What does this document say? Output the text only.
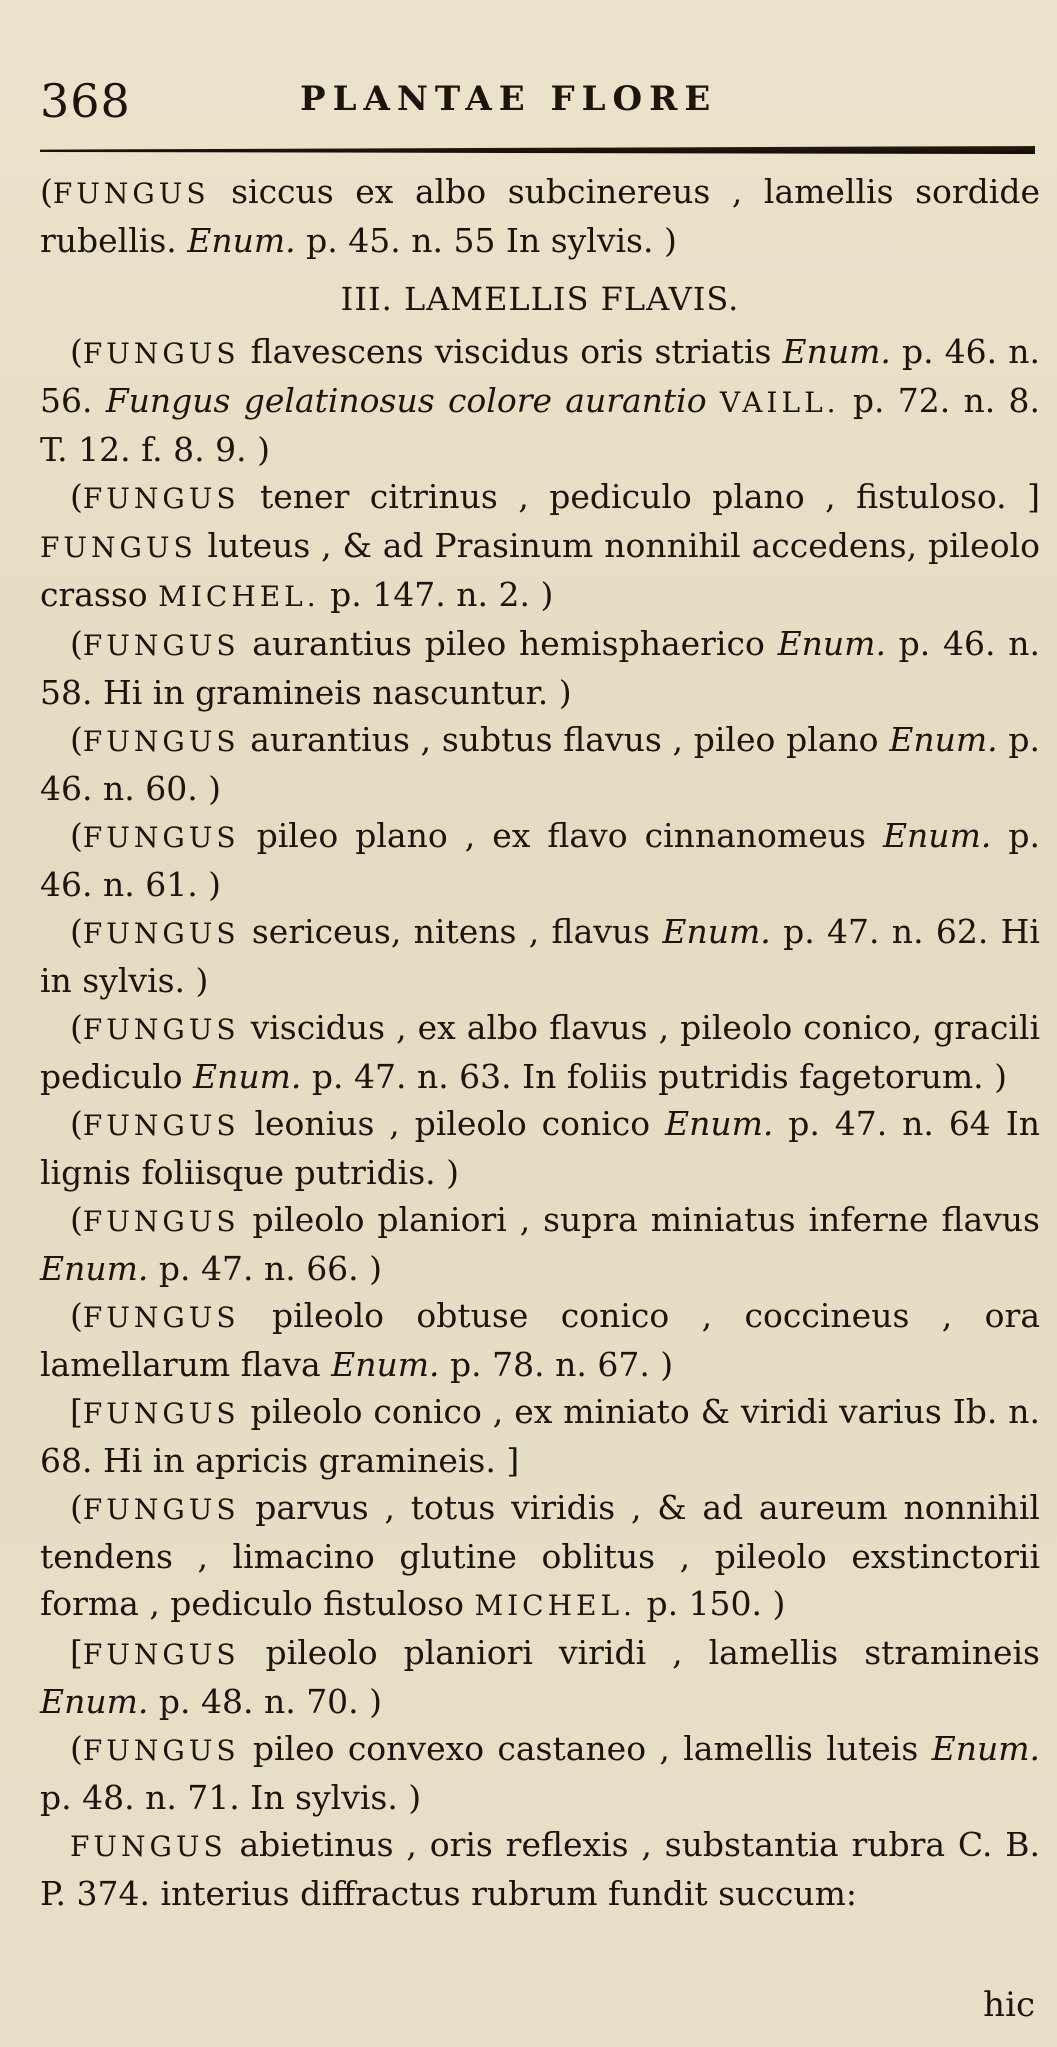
368	PLANTAE FLORE

(FUNGUS siccus ex albo subcinereus , lamellis sordide rubellis. Enum. p. 45. n. 55 In sylvis. )

III. LAMELLIS FLAVIS.

(FUNGUS flavescens viscidus oris striatis Enum. p. 46. n. 56. Fungus gelatinosus colore aurantio VAILL. p. 72. n. 8. T. 12. f. 8. 9. )

(FUNGUS tener citrinus , pediculo plano , fistuloso. ] FUNGUS luteus , & ad Prasinum nonnihil accedens, pileolo crasso MICHEL. p. 147. n. 2. )

(FUNGUS aurantius pileo hemisphaerico Enum. p. 46. n. 58. Hi in gramineis nascuntur. )

(FUNGUS aurantius , subtus flavus , pileo plano Enum. p. 46. n. 60. )

(FUNGUS pileo plano , ex flavo cinnanomeus Enum. p. 46. n. 61. )

(FUNGUS sericeus, nitens , flavus Enum. p. 47. n. 62. Hi in sylvis. )

(FUNGUS viscidus , ex albo flavus , pileolo conico, gracili pediculo Enum. p. 47. n. 63. In foliis putridis fagetorum. )

(FUNGUS leonius , pileolo conico Enum. p. 47. n. 64 In lignis foliisque putridis. )

(FUNGUS pileolo planiori , supra miniatus inferne flavus Enum. p. 47. n. 66. )

(FUNGUS pileolo obtuse conico , coccineus , ora lamellarum flava Enum. p. 78. n. 67. )

[FUNGUS pileolo conico , ex miniato & viridi varius Ib. n. 68. Hi in apricis gramineis. ]

(FUNGUS parvus , totus viridis , & ad aureum nonnihil tendens , limacino glutine oblitus , pileolo exstinctorii forma , pediculo fistuloso MICHEL. p. 150. )

[FUNGUS pileolo planiori viridi , lamellis stramineis Enum. p. 48. n. 70. )

(FUNGUS pileo convexo castaneo , lamellis luteis Enum. p. 48. n. 71. In sylvis. )

FUNGUS abietinus , oris reflexis , substantia rubra C. B. P. 374. interius diffractus rubrum fundit succum:

hic
